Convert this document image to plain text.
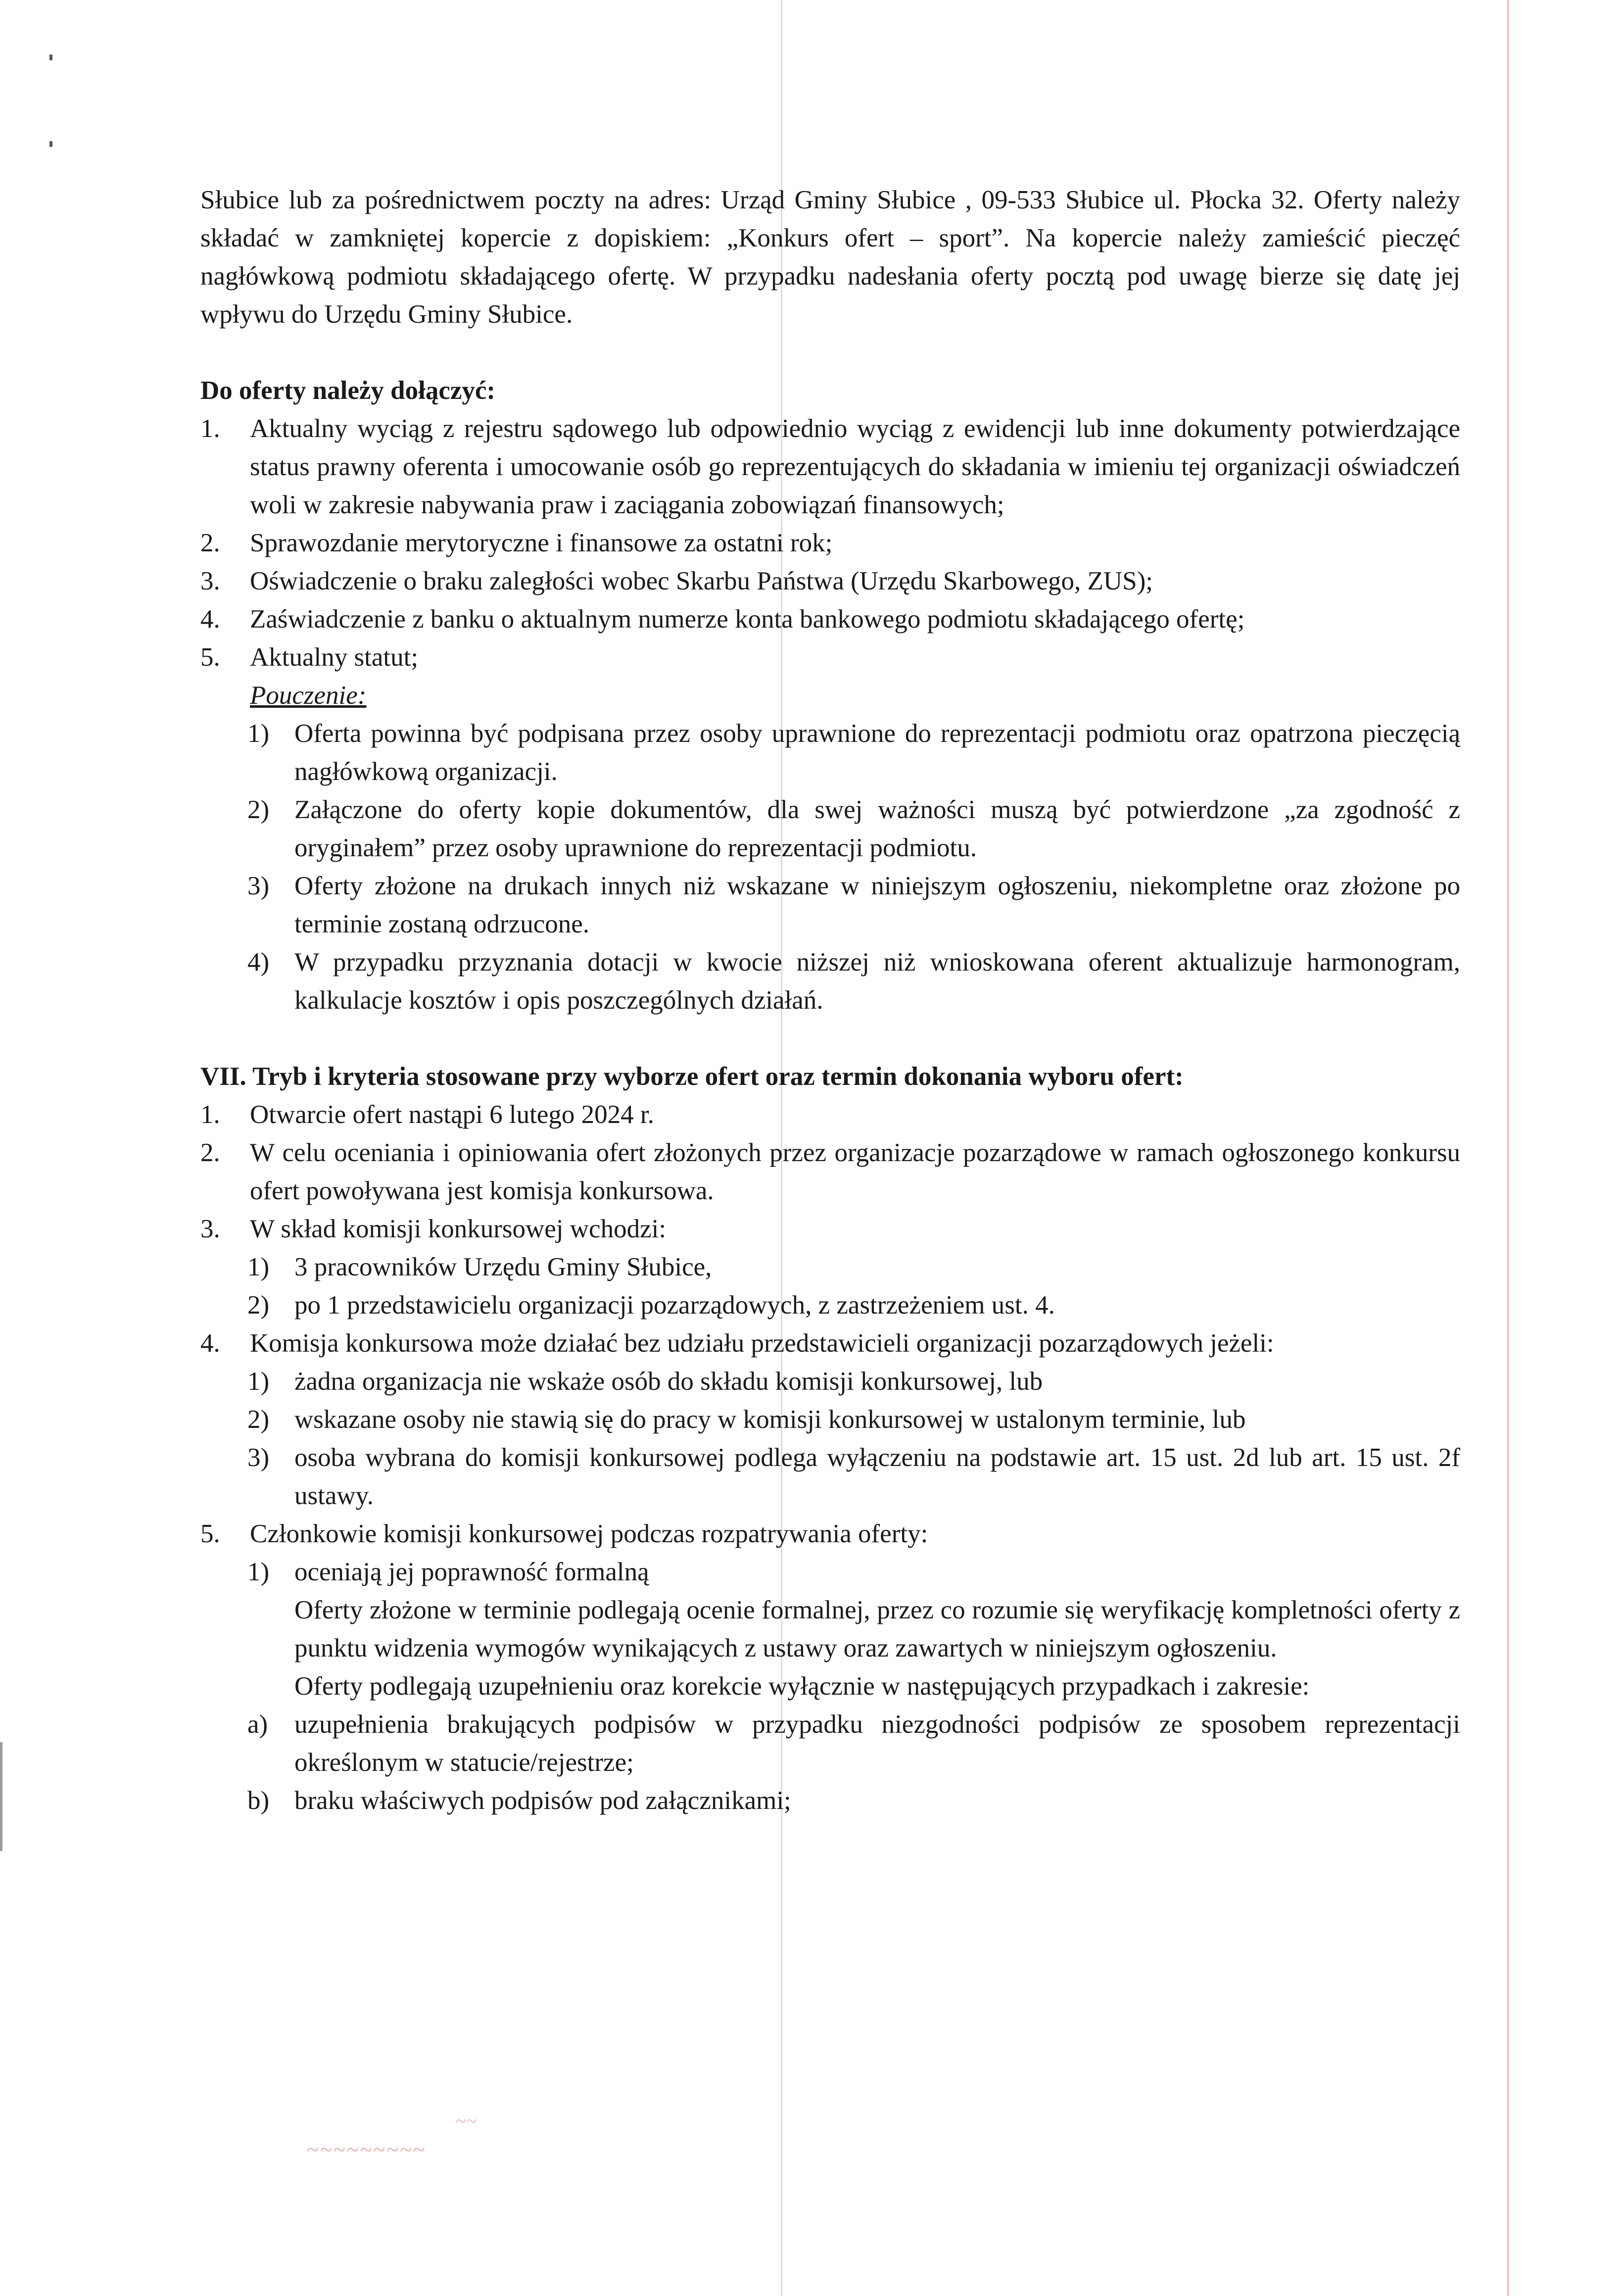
Słubice lub za pośrednictwem poczty na adres: Urząd Gminy Słubice , 09-533 Słubice ul. Płocka 32. Oferty należy składać w zamkniętej kopercie z dopiskiem: „Konkurs ofert – sport”. Na kopercie należy zamieścić pieczęć nagłówkową podmiotu składającego ofertę. W przypadku nadesłania oferty pocztą pod uwagę bierze się datę jej wpływu do Urzędu Gminy Słubice.

Do oferty należy dołączyć:

1. Aktualny wyciąg z rejestru sądowego lub odpowiednio wyciąg z ewidencji lub inne dokumenty potwierdzające status prawny oferenta i umocowanie osób go reprezentujących do składania w imieniu tej organizacji oświadczeń woli w zakresie nabywania praw i zaciągania zobowiązań finansowych;
2. Sprawozdanie merytoryczne i finansowe za ostatni rok;
3. Oświadczenie o braku zaległości wobec Skarbu Państwa (Urzędu Skarbowego, ZUS);
4. Zaświadczenie z banku o aktualnym numerze konta bankowego podmiotu składającego ofertę;
5. Aktualny statut;
Pouczenie:
1) Oferta powinna być podpisana przez osoby uprawnione do reprezentacji podmiotu oraz opatrzona pieczęcią nagłówkową organizacji.
2) Załączone do oferty kopie dokumentów, dla swej ważności muszą być potwierdzone „za zgodność z oryginałem” przez osoby uprawnione do reprezentacji podmiotu.
3) Oferty złożone na drukach innych niż wskazane w niniejszym ogłoszeniu, niekompletne oraz złożone po terminie zostaną odrzucone.
4) W przypadku przyznania dotacji w kwocie niższej niż wnioskowana oferent aktualizuje harmonogram, kalkulacje kosztów i opis poszczególnych działań.

VII. Tryb i kryteria stosowane przy wyborze ofert oraz termin dokonania wyboru ofert:

1. Otwarcie ofert nastąpi 6 lutego 2024 r.
2. W celu oceniania i opiniowania ofert złożonych przez organizacje pozarządowe w ramach ogłoszonego konkursu ofert powoływana jest komisja konkursowa.
3. W skład komisji konkursowej wchodzi:
1) 3 pracowników Urzędu Gminy Słubice,
2) po 1 przedstawicielu organizacji pozarządowych, z zastrzeżeniem ust. 4.
4. Komisja konkursowa może działać bez udziału przedstawicieli organizacji pozarządowych jeżeli:
1) żadna organizacja nie wskaże osób do składu komisji konkursowej, lub
2) wskazane osoby nie stawią się do pracy w komisji konkursowej w ustalonym terminie, lub
3) osoba wybrana do komisji konkursowej podlega wyłączeniu na podstawie art. 15 ust. 2d lub art. 15 ust. 2f ustawy.
5. Członkowie komisji konkursowej podczas rozpatrywania oferty:
1) oceniają jej poprawność formalną
Oferty złożone w terminie podlegają ocenie formalnej, przez co rozumie się weryfikację kompletności oferty z punktu widzenia wymogów wynikających z ustawy oraz zawartych w niniejszym ogłoszeniu.
Oferty podlegają uzupełnieniu oraz korekcie wyłącznie w następujących przypadkach i zakresie:
a) uzupełnienia brakujących podpisów w przypadku niezgodności podpisów ze sposobem reprezentacji określonym w statucie/rejestrze;
b) braku właściwych podpisów pod załącznikami;
~~~~~~~~~
~~
